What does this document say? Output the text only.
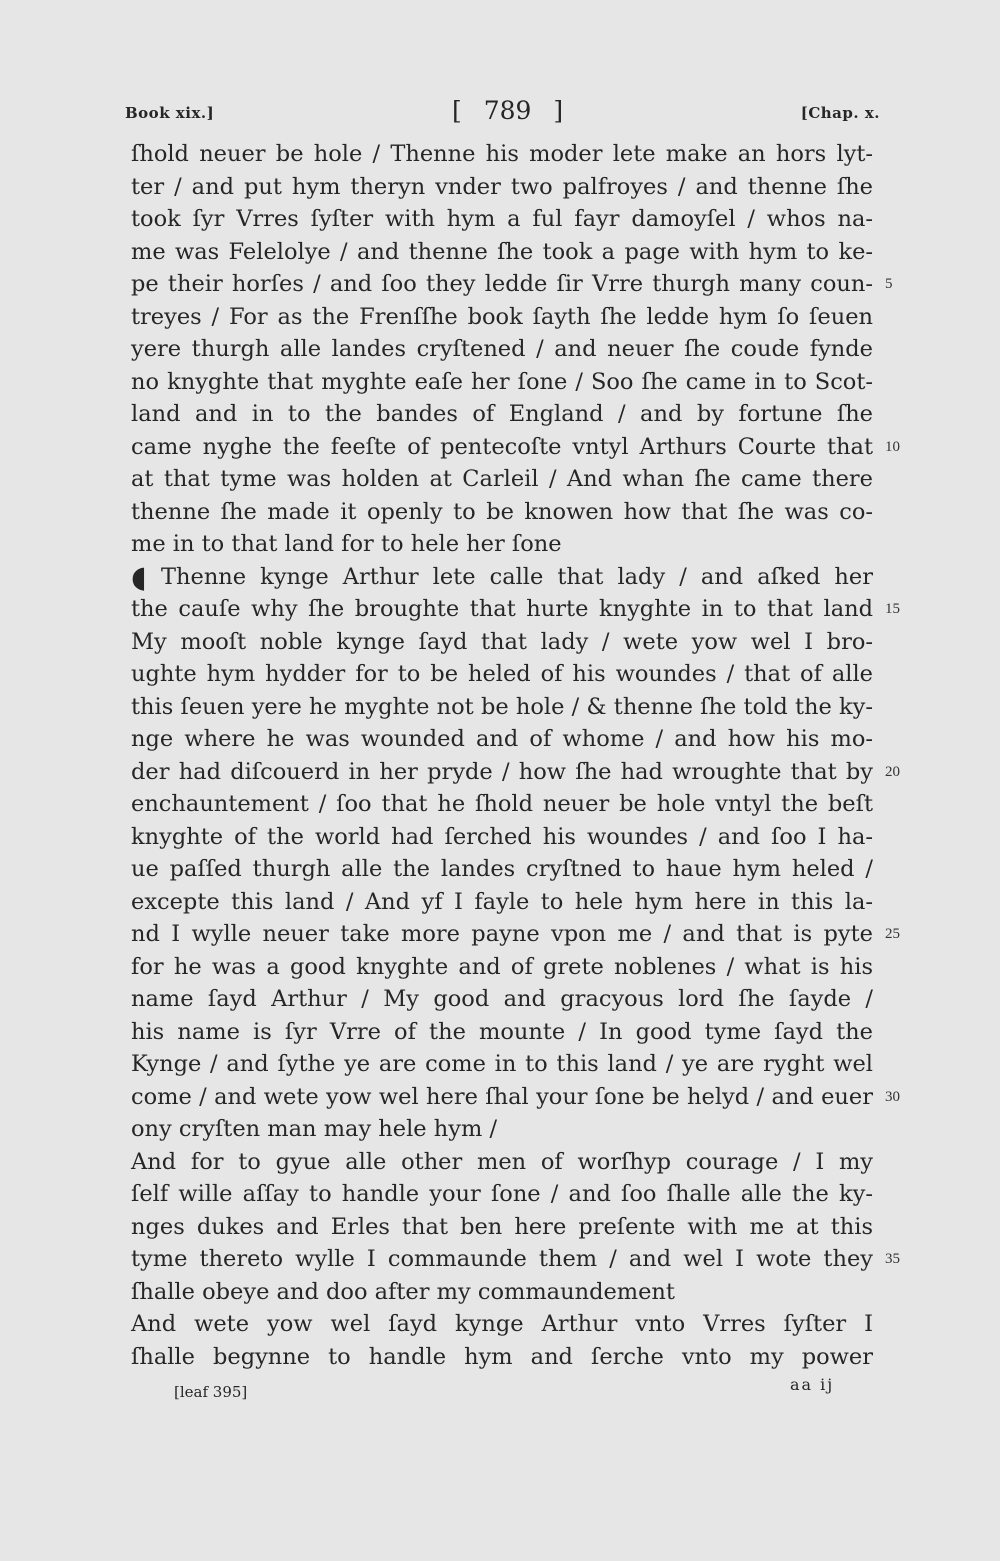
Book xix.]	[ 789 ]	[Chap. x.
ſhold neuer be hole / Thenne his moder lete make an hors lyt-
ter / and put hym theryn vnder two palfroyes / and thenne ſhe
took ſyr Vrres ſyſter with hym a ful fayr damoyſel / whos na-
me was Felelolye / and thenne ſhe took a page with hym to ke-
pe their horſes / and ſoo they ledde ſir Vrre thurgh many coun- 5
treyes / For as the Frenſſhe book ſayth ſhe ledde hym ſo ſeuen
yere thurgh alle landes cryſtened / and neuer ſhe coude fynde
no knyghte that myghte eaſe her ſone / Soo ſhe came in to Scot-
land and in to the bandes of England / and by fortune ſhe
came nyghe the feeſte of pentecoſte vntyl Arthurs Courte that 10
at that tyme was holden at Carleil / And whan ſhe came there
thenne ſhe made it openly to be knowen how that ſhe was co-
me in to that land for to hele her ſone
◖ Thenne kynge Arthur lete calle that lady / and aſked her
the cauſe why ſhe broughte that hurte knyghte in to that land 15
My mooſt noble kynge ſayd that lady / wete yow wel I bro-
ughte hym hydder for to be heled of his woundes / that of alle
this ſeuen yere he myghte not be hole / & thenne ſhe told the ky-
nge where he was wounded and of whome / and how his mo-
der had diſcouerd in her pryde / how ſhe had wroughte that by 20
enchauntement / ſoo that he ſhold neuer be hole vntyl the beſt
knyghte of the world had ſerched his woundes / and ſoo I ha-
ue paſſed thurgh alle the landes cryſtned to haue hym heled /
excepte this land / And yf I fayle to hele hym here in this la-
nd I wylle neuer take more payne vpon me / and that is pyte 25
for he was a good knyghte and of grete noblenes / what is his
name ſayd Arthur / My good and gracyous lord ſhe ſayde /
his name is ſyr Vrre of the mounte / In good tyme ſayd the
Kynge / and ſythe ye are come in to this land / ye are ryght wel
come / and wete yow wel here ſhal your ſone be helyd / and euer 30
ony cryſten man may hele hym /
And for to gyue alle other men of worſhyp courage / I my
ſelf wille aſſay to handle your ſone / and ſoo ſhalle alle the ky-
nges dukes and Erles that ben here preſente with me at this
tyme thereto wylle I commaunde them / and wel I wote they 35
ſhalle obeye and doo after my commaundement
And wete yow wel ſayd kynge Arthur vnto Vrres ſyſter I
ſhalle begynne to handle hym and ſerche vnto my power
[leaf 395]	aa ij
